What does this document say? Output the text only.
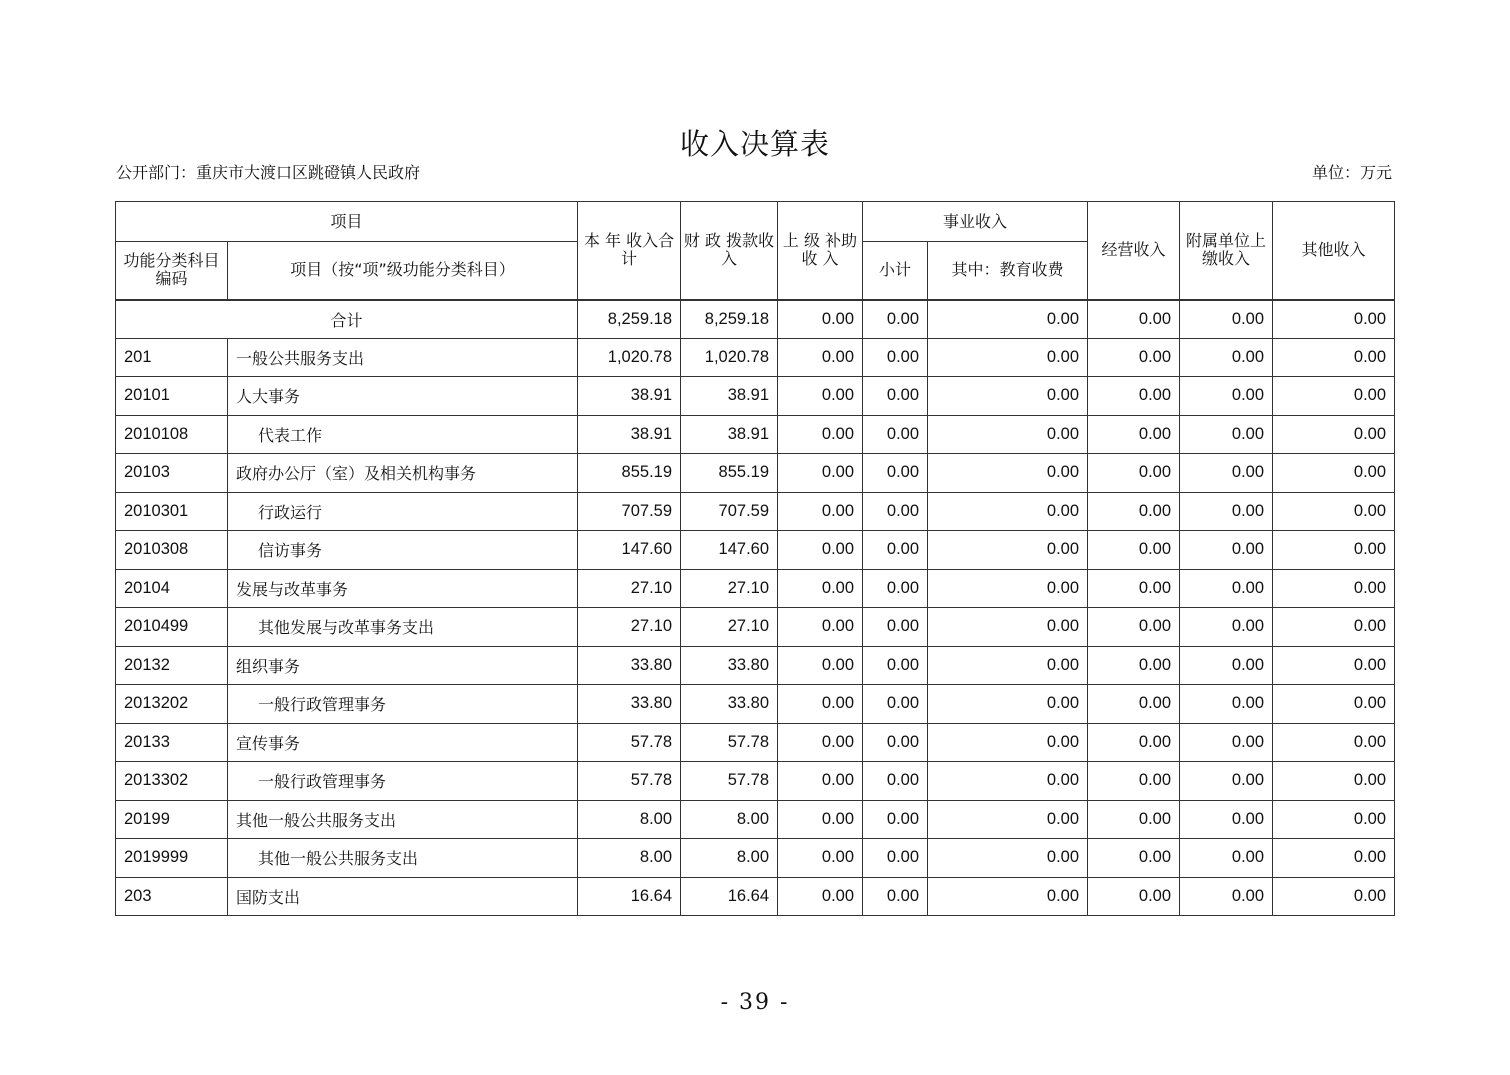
收入决算表
公开部门：重庆市大渡口区跳磴镇人民政府	单位：万元
项目		本 年 收入合计	财 政 拨款收入	上 级 补助收 入	事业收入		经营收入	附属单位上缴收入	其他收入
功能分类科目编码	项目（按“项”级功能分类科目）				小计	其中：教育收费			
合计		8,259.18	8,259.18	0.00	0.00	0.00	0.00	0.00	0.00
201	一般公共服务支出	1,020.78	1,020.78	0.00	0.00	0.00	0.00	0.00	0.00
20101	人大事务	38.91	38.91	0.00	0.00	0.00	0.00	0.00	0.00
2010108	代表工作	38.91	38.91	0.00	0.00	0.00	0.00	0.00	0.00
20103	政府办公厅（室）及相关机构事务	855.19	855.19	0.00	0.00	0.00	0.00	0.00	0.00
2010301	行政运行	707.59	707.59	0.00	0.00	0.00	0.00	0.00	0.00
2010308	信访事务	147.60	147.60	0.00	0.00	0.00	0.00	0.00	0.00
20104	发展与改革事务	27.10	27.10	0.00	0.00	0.00	0.00	0.00	0.00
2010499	其他发展与改革事务支出	27.10	27.10	0.00	0.00	0.00	0.00	0.00	0.00
20132	组织事务	33.80	33.80	0.00	0.00	0.00	0.00	0.00	0.00
2013202	一般行政管理事务	33.80	33.80	0.00	0.00	0.00	0.00	0.00	0.00
20133	宣传事务	57.78	57.78	0.00	0.00	0.00	0.00	0.00	0.00
2013302	一般行政管理事务	57.78	57.78	0.00	0.00	0.00	0.00	0.00	0.00
20199	其他一般公共服务支出	8.00	8.00	0.00	0.00	0.00	0.00	0.00	0.00
2019999	其他一般公共服务支出	8.00	8.00	0.00	0.00	0.00	0.00	0.00	0.00
203	国防支出	16.64	16.64	0.00	0.00	0.00	0.00	0.00	0.00
- 39 -
